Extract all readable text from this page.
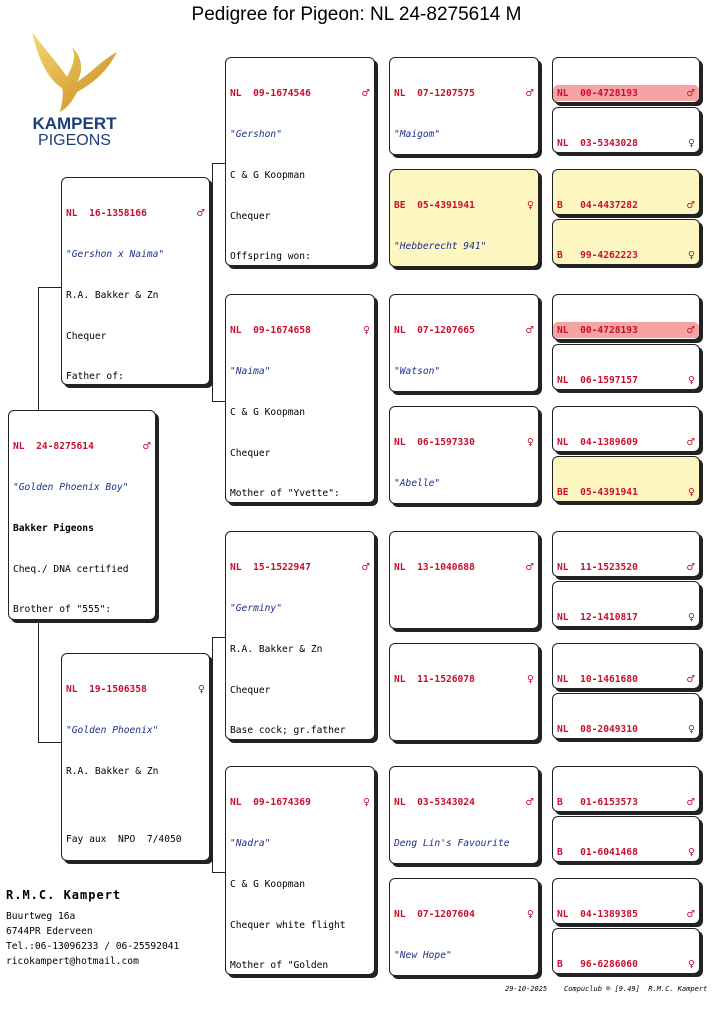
Pedigree for Pigeon: NL 24-8275614 M
KAMPERT
PIGEONS

NL  24-8275614	♂

"Golden Phoenix Boy"

Bakker Pigeons

Cheq./ DNA certified

Brother of "555":

NL  16-1358166	♂

"Gershon x Naima"

R.A. Bakker & Zn

Chequer

Father of:

NL  19-1506358	♀

"Golden Phoenix"

R.A. Bakker & Zn

Fay aux  NPO  7/4050

NL  09-1674546	♂

"Gershon"

C & G Koopman

Chequer

Offspring won:

NL  09-1674658	♀

"Naima"

C & G Koopman

Chequer

Mother of "Yvette":

NL  15-1522947	♂

"Germiny"

R.A. Bakker & Zn

Chequer

Base cock; gr.father

NL  09-1674369	♀

"Nadra"

C & G Koopman

Chequer white flight

Mother of "Golden

NL  07-1207575	♂

"Maigom"

BE  05-4391941	♀

"Hebberecht 941"

NL  07-1207665	♂

"Watson"

NL  06-1597330	♀

"Abelle"

NL  13-1040688	♂

NL  11-1526078	♀

NL  03-5343024	♂

Deng Lin's Favourite

NL  07-1207604	♀

"New Hope"

NL  00-4728193	♂

NL  03-5343028	♀

B   04-4437282	♂

B   99-4262223	♀

NL  00-4728193	♂

NL  06-1597157	♀

NL  04-1389609	♂

BE  05-4391941	♀

NL  11-1523520	♂

NL  12-1410817	♀

NL  10-1461680	♂

NL  08-2049310	♀

B   01-6153573	♂

B   01-6041468	♀

NL  04-1389385	♂

B   96-6286060	♀

R.M.C. Kampert
Buurtweg 16a
6744PR Ederveen
Tel.:06-13096233 / 06-25592041
ricokampert@hotmail.com
29-10-2025    Compuclub ® [9.49]  R.M.C. Kampert
